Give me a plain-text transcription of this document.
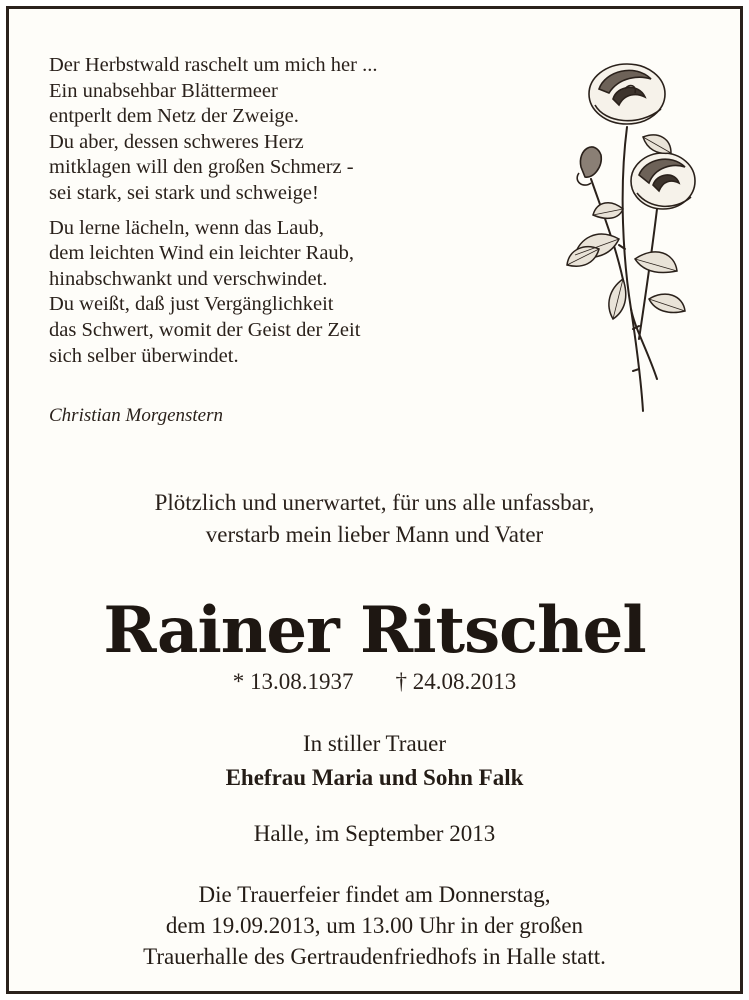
Der Herbstwald raschelt um mich her ...
Ein unabsehbar Blättermeer
entperlt dem Netz der Zweige.
Du aber, dessen schweres Herz
mitklagen will den großen Schmerz -
sei stark, sei stark und schweige!
Du lerne lächeln, wenn das Laub,
dem leichten Wind ein leichter Raub,
hinabschwankt und verschwindet.
Du weißt, daß just Vergänglichkeit
das Schwert, womit der Geist der Zeit
sich selber überwindet.
Christian Morgenstern
Plötzlich und unerwartet, für uns alle unfassbar,
verstarb mein lieber Mann und Vater
Rainer Ritschel
* 13.08.1937 † 24.08.2013
In stiller Trauer
Ehefrau Maria und Sohn Falk
Halle, im September 2013
Die Trauerfeier findet am Donnerstag,
dem 19.09.2013, um 13.00 Uhr in der großen
Trauerhalle des Gertraudenfriedhofs in Halle statt.
